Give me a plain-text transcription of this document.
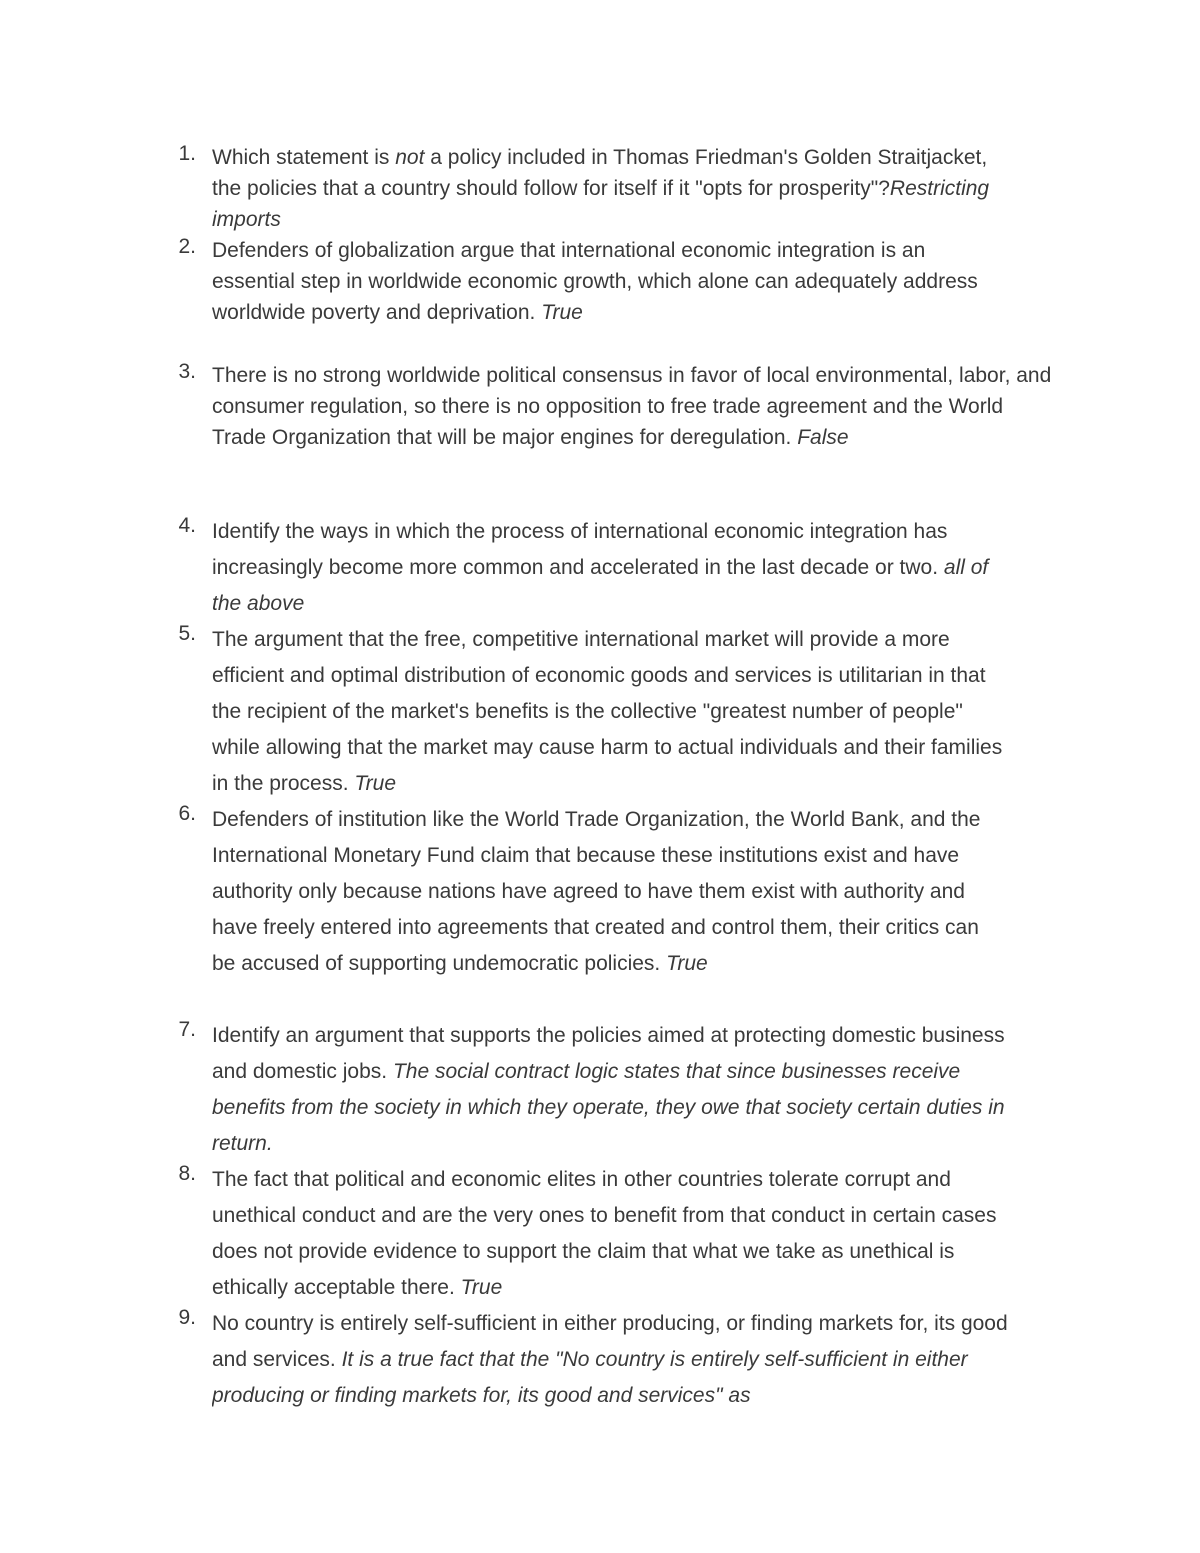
1. Which statement is not a policy included in Thomas Friedman's Golden Straitjacket, the policies that a country should follow for itself if it "opts for prosperity"?Restricting imports
2. Defenders of globalization argue that international economic integration is an essential step in worldwide economic growth, which alone can adequately address worldwide poverty and deprivation. True
3. There is no strong worldwide political consensus in favor of local environmental, labor, and consumer regulation, so there is no opposition to free trade agreement and the World Trade Organization that will be major engines for deregulation. False
4. Identify the ways in which the process of international economic integration has increasingly become more common and accelerated in the last decade or two. all of the above
5. The argument that the free, competitive international market will provide a more efficient and optimal distribution of economic goods and services is utilitarian in that the recipient of the market's benefits is the collective "greatest number of people" while allowing that the market may cause harm to actual individuals and their families in the process. True
6. Defenders of institution like the World Trade Organization, the World Bank, and the International Monetary Fund claim that because these institutions exist and have authority only because nations have agreed to have them exist with authority and have freely entered into agreements that created and control them, their critics can be accused of supporting undemocratic policies. True
7. Identify an argument that supports the policies aimed at protecting domestic business and domestic jobs. The social contract logic states that since businesses receive benefits from the society in which they operate, they owe that society certain duties in return.
8. The fact that political and economic elites in other countries tolerate corrupt and unethical conduct and are the very ones to benefit from that conduct in certain cases does not provide evidence to support the claim that what we take as unethical is ethically acceptable there. True
9. No country is entirely self-sufficient in either producing, or finding markets for, its good and services. It is a true fact that the "No country is entirely self-sufficient in either producing or finding markets for, its good and services" as
